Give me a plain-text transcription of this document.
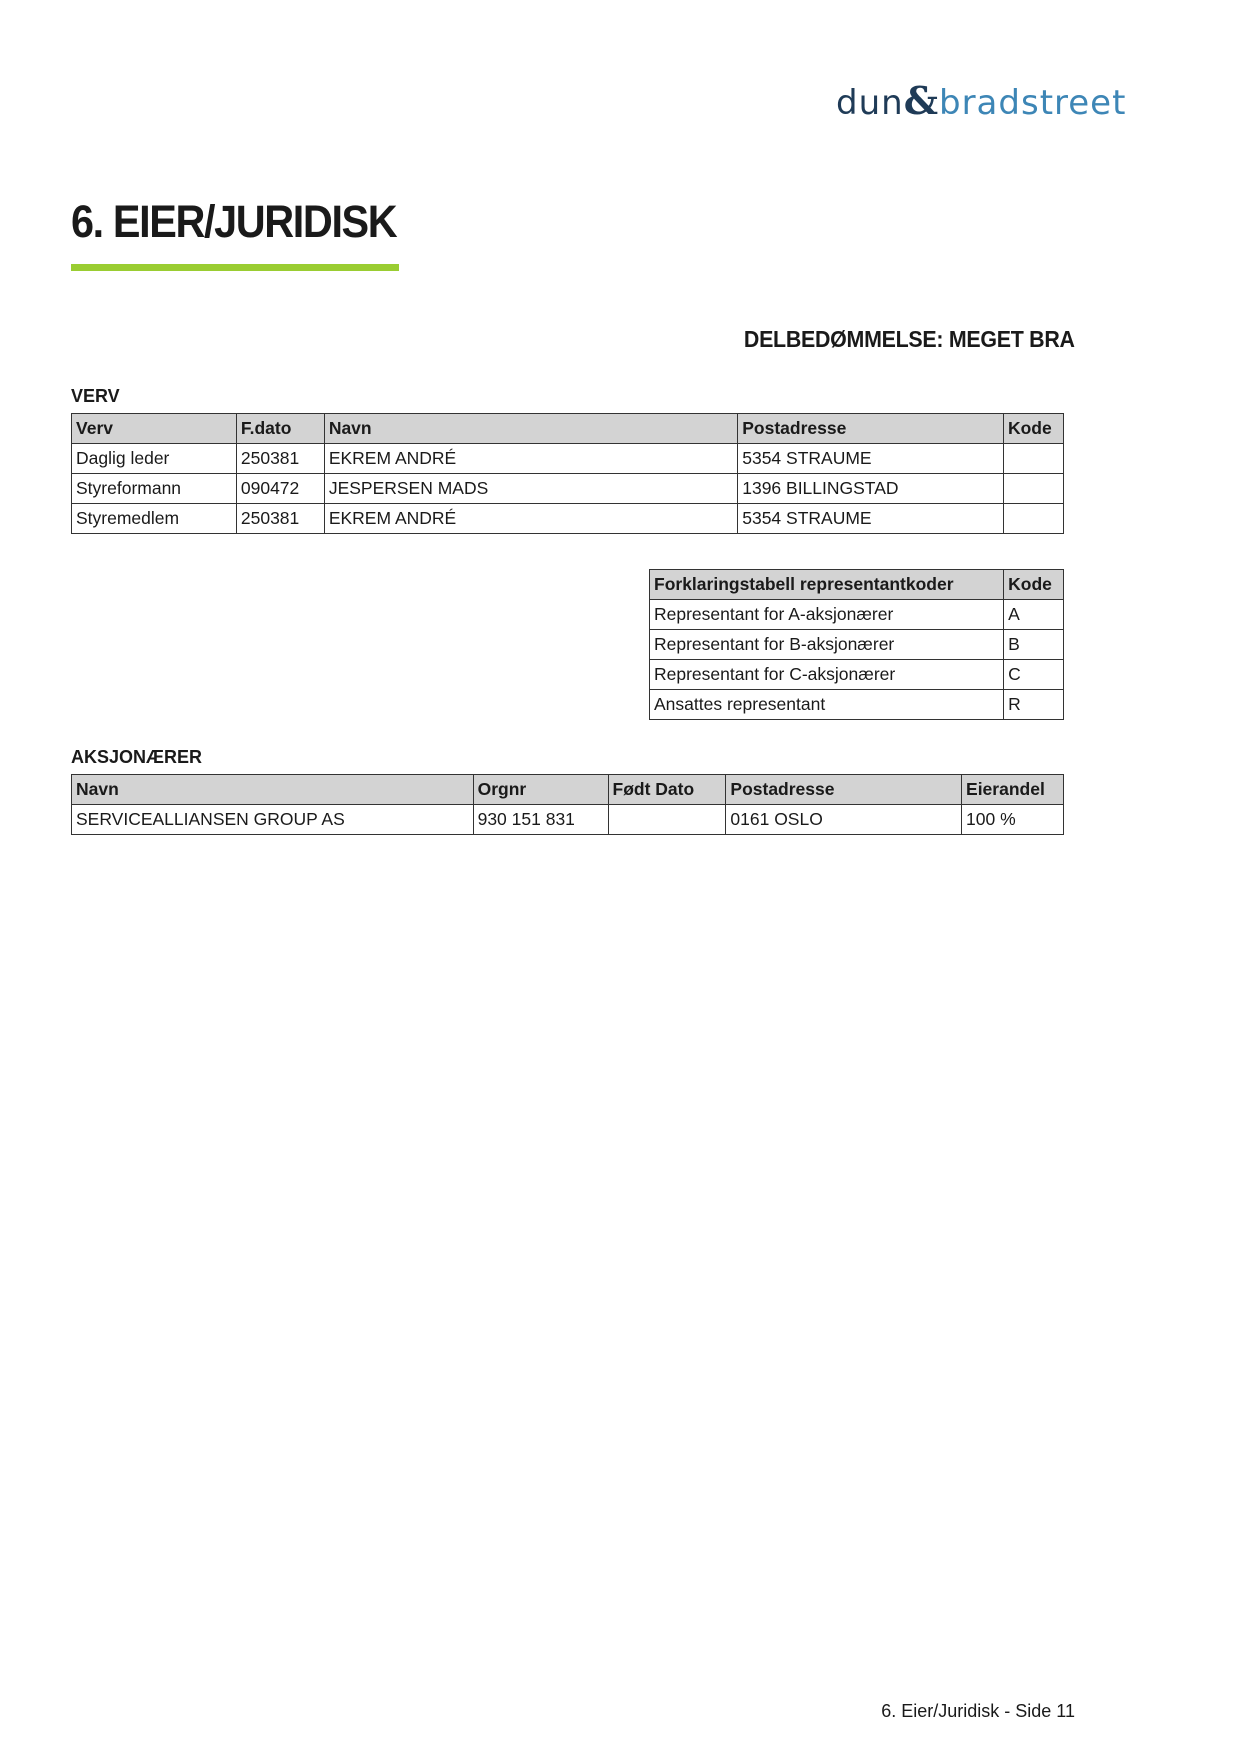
dun&bradstreet
6. EIER/JURIDISK
DELBEDØMMELSE: MEGET BRA
VERV
Verv	F.dato	Navn	Postadresse	Kode
Daglig leder	250381	EKREM ANDRÉ	5354 STRAUME	
Styreformann	090472	JESPERSEN MADS	1396 BILLINGSTAD	
Styremedlem	250381	EKREM ANDRÉ	5354 STRAUME	
Forklaringstabell representantkoder	Kode
Representant for A-aksjonærer	A
Representant for B-aksjonærer	B
Representant for C-aksjonærer	C
Ansattes representant	R
AKSJONÆRER
Navn	Orgnr	Født Dato	Postadresse	Eierandel
SERVICEALLIANSEN GROUP AS	930 151 831		0161 OSLO	100 %
6. Eier/Juridisk - Side 11
